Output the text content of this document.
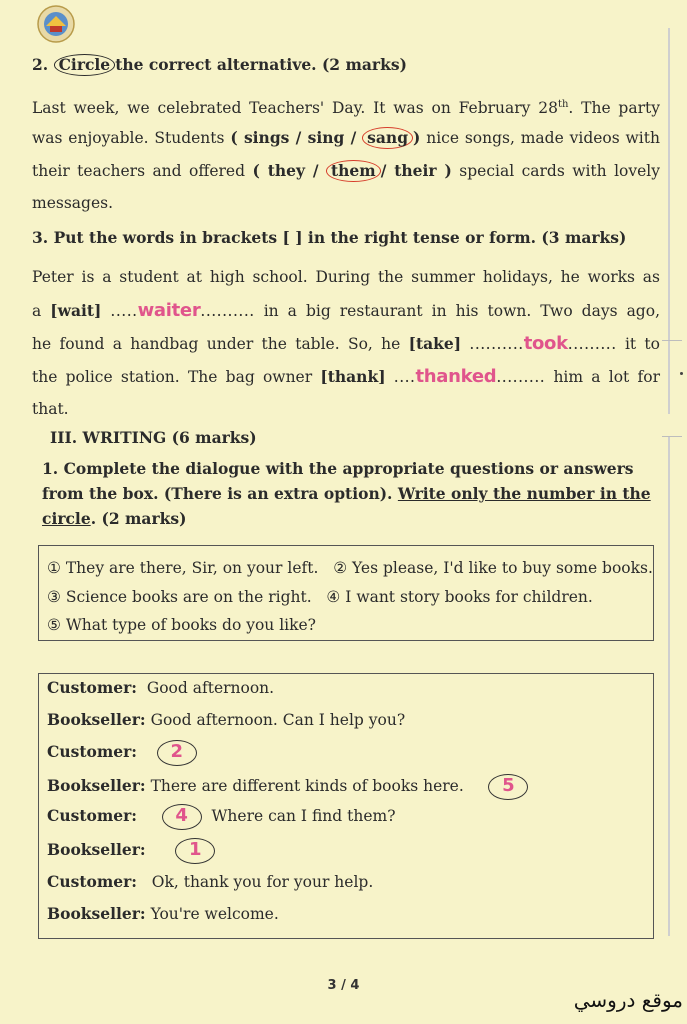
2. Circle the correct alternative. (2 marks)
Last week, we celebrated Teachers' Day. It was on February 28th. The party
was enjoyable. Students ( sings / sing / sang ) nice songs, made videos with
their teachers and offered ( they / them / their ) special cards with lovely
messages.
3. Put the words in brackets [ ] in the right tense or form. (3 marks)
Peter is a student at high school. During the summer holidays, he works as
a [wait] .....waiter.......... in a big restaurant in his town. Two days ago,
he found a handbag under the table. So, he [take] ..........took......... it to
the police station. The bag owner [thank] ....thanked......... him a lot for
that.
III. WRITING (6 marks)
1. Complete the dialogue with the appropriate questions or answers from the box. (There is an extra option). Write only the number in the circle. (2 marks)
① They are there, Sir, on your left. ② Yes please, I'd like to buy some books.
③ Science books are on the right. ④ I want story books for children.
⑤ What type of books do you like?
Customer: Good afternoon.
Bookseller: Good afternoon. Can I help you?
Customer: 2
Bookseller: There are different kinds of books here. 5
Customer: 4 Where can I find them?
Bookseller: 1
Customer: Ok, thank you for your help.
Bookseller: You're welcome.
3 / 4
موقع دروسي
